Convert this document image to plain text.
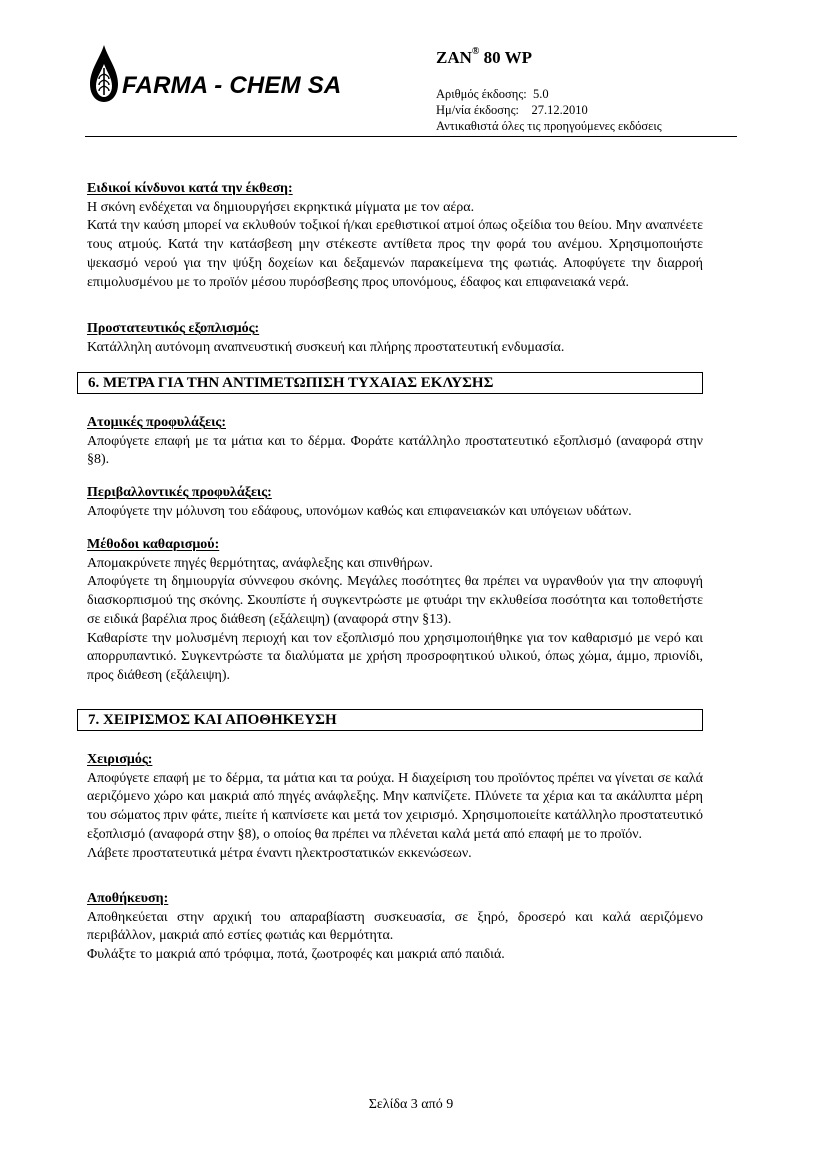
FARMA - CHEM SA
ZAN® 80 WP
Αριθμός έκδοσης: 5.0
Ημ/νία έκδοσης: 27.12.2010
Αντικαθιστά όλες τις προηγούμενες εκδόσεις
Ειδικοί κίνδυνοι κατά την έκθεση:

Η σκόνη ενδέχεται να δημιουργήσει εκρηκτικά μίγματα με τον αέρα.

Κατά την καύση μπορεί να εκλυθούν τοξικοί ή/και ερεθιστικοί ατμοί όπως οξείδια του θείου. Μην αναπνέετε τους ατμούς. Κατά την κατάσβεση μην στέκεστε αντίθετα προς την φορά του ανέμου. Χρησιμοποιήστε ψεκασμό νερού για την ψύξη δοχείων και δεξαμενών παρακείμενα της φωτιάς. Αποφύγετε την διαρροή επιμολυσμένου με το προϊόν μέσου πυρόσβεσης προς υπονόμους, έδαφος και επιφανειακά νερά.

Προστατευτικός εξοπλισμός:

Κατάλληλη αυτόνομη αναπνευστική συσκευή και πλήρης προστατευτική ενδυμασία.

6. ΜΕΤΡΑ ΓΙΑ ΤΗΝ ΑΝΤΙΜΕΤΩΠΙΣΗ ΤΥΧΑΙΑΣ ΕΚΛΥΣΗΣ
Ατομικές προφυλάξεις:

Αποφύγετε επαφή με τα μάτια και το δέρμα. Φοράτε κατάλληλο προστατευτικό εξοπλισμό (αναφορά στην §8).

Περιβαλλοντικές προφυλάξεις:

Αποφύγετε την μόλυνση του εδάφους, υπονόμων καθώς και επιφανειακών και υπόγειων υδάτων.

Μέθοδοι καθαρισμού:

Απομακρύνετε πηγές θερμότητας, ανάφλεξης και σπινθήρων.

Αποφύγετε τη δημιουργία σύννεφου σκόνης. Μεγάλες ποσότητες θα πρέπει να υγρανθούν για την αποφυγή διασκορπισμού της σκόνης. Σκουπίστε ή συγκεντρώστε με φτυάρι την εκλυθείσα ποσότητα και τοποθετήστε σε ειδικά βαρέλια προς διάθεση (εξάλειψη) (αναφορά στην §13).

Καθαρίστε την μολυσμένη περιοχή και τον εξοπλισμό που χρησιμοποιήθηκε για τον καθαρισμό με νερό και απορρυπαντικό. Συγκεντρώστε τα διαλύματα με χρήση προσροφητικού υλικού, όπως χώμα, άμμο, πριονίδι, προς διάθεση (εξάλειψη).

7. ΧΕΙΡΙΣΜΟΣ ΚΑΙ ΑΠΟΘΗΚΕΥΣΗ
Χειρισμός:

Αποφύγετε επαφή με το δέρμα, τα μάτια και τα ρούχα. Η διαχείριση του προϊόντος πρέπει να γίνεται σε καλά αεριζόμενο χώρο και μακριά από πηγές ανάφλεξης. Μην καπνίζετε. Πλύνετε τα χέρια και τα ακάλυπτα μέρη του σώματος πριν φάτε, πιείτε ή καπνίσετε και μετά τον χειρισμό. Χρησιμοποιείτε κατάλληλο προστατευτικό εξοπλισμό (αναφορά στην §8), ο οποίος θα πρέπει να πλένεται καλά μετά από επαφή με το προϊόν.

Λάβετε προστατευτικά μέτρα έναντι ηλεκτροστατικών εκκενώσεων.

Αποθήκευση:

Αποθηκεύεται στην αρχική του απαραβίαστη συσκευασία, σε ξηρό, δροσερό και καλά αεριζόμενο περιβάλλον, μακριά από εστίες φωτιάς και θερμότητα.

Φυλάξτε το μακριά από τρόφιμα, ποτά, ζωοτροφές και μακριά από παιδιά.

Σελίδα 3 από 9
